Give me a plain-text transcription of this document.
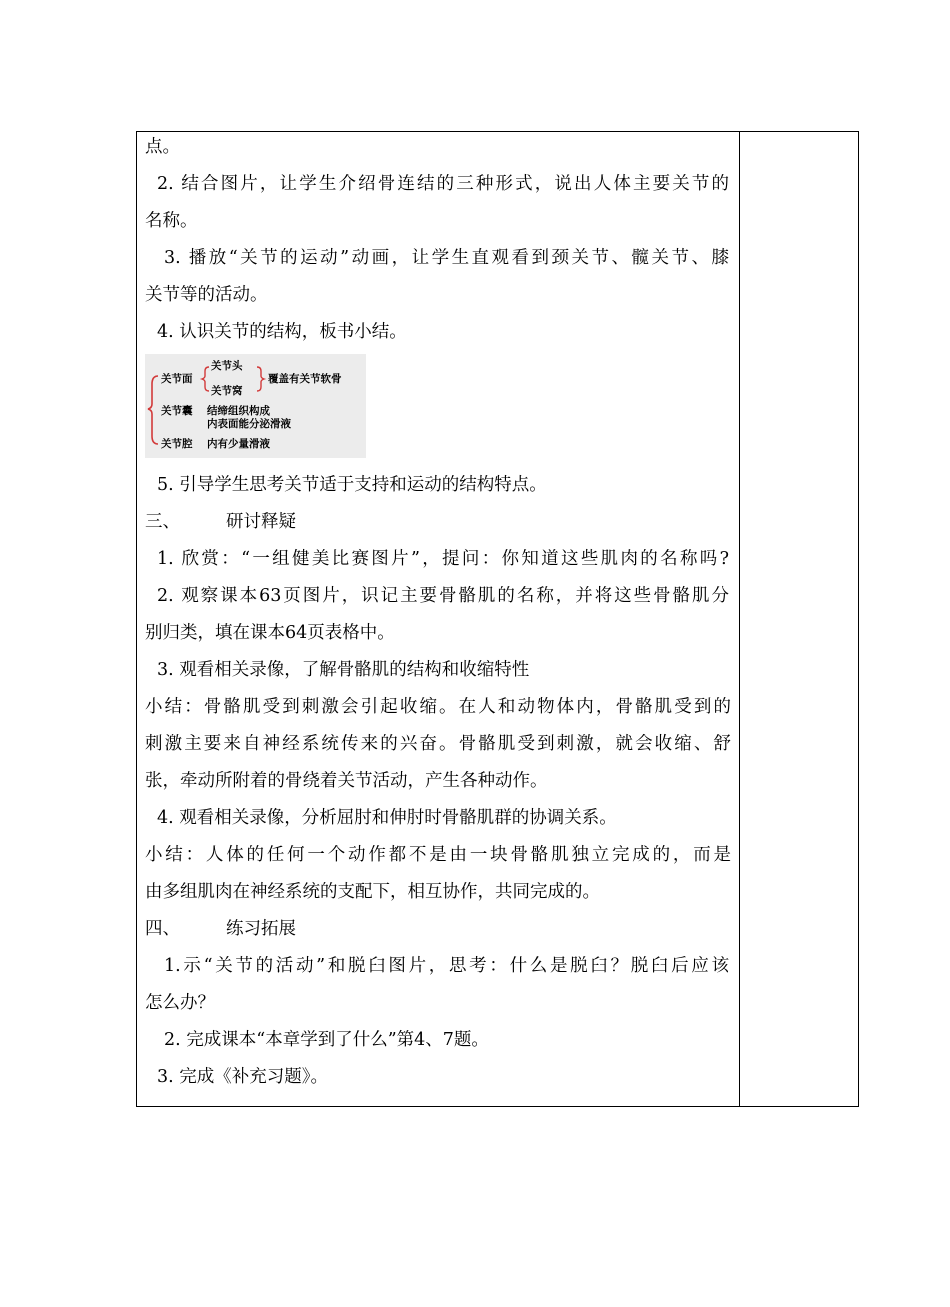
点。
2. 结合图片，让学生介绍骨连结的三种形式，说出人体主要关节的
名称。
3. 播放“关节的运动”动画，让学生直观看到颈关节、髋关节、膝
关节等的活动。
4. 认识关节的结构，板书小结。
关节面
关节头
关节窝
覆盖有关节软骨
关节囊 结缔组织构成
内表面能分泌滑液
关节腔 内有少量滑液
5. 引导学生思考关节适于支持和运动的结构特点。
三、	研讨释疑
1. 欣赏：“一组健美比赛图片”，提问：你知道这些肌肉的名称吗?
2. 观察课本63页图片，识记主要骨骼肌的名称，并将这些骨骼肌分
别归类，填在课本64页表格中。
3. 观看相关录像，了解骨骼肌的结构和收缩特性
小结：骨骼肌受到刺激会引起收缩。在人和动物体内，骨骼肌受到的
刺激主要来自神经系统传来的兴奋。骨骼肌受到刺激，就会收缩、舒
张，牵动所附着的骨绕着关节活动，产生各种动作。
4. 观看相关录像，分析屈肘和伸肘时骨骼肌群的协调关系。
小结：人体的任何一个动作都不是由一块骨骼肌独立完成的，而是
由多组肌肉在神经系统的支配下，相互协作，共同完成的。
四、	练习拓展
1.示“关节的活动”和脱臼图片，思考：什么是脱臼？脱臼后应该
怎么办？
2. 完成课本“本章学到了什么”第4、7题。
3. 完成《补充习题》。
